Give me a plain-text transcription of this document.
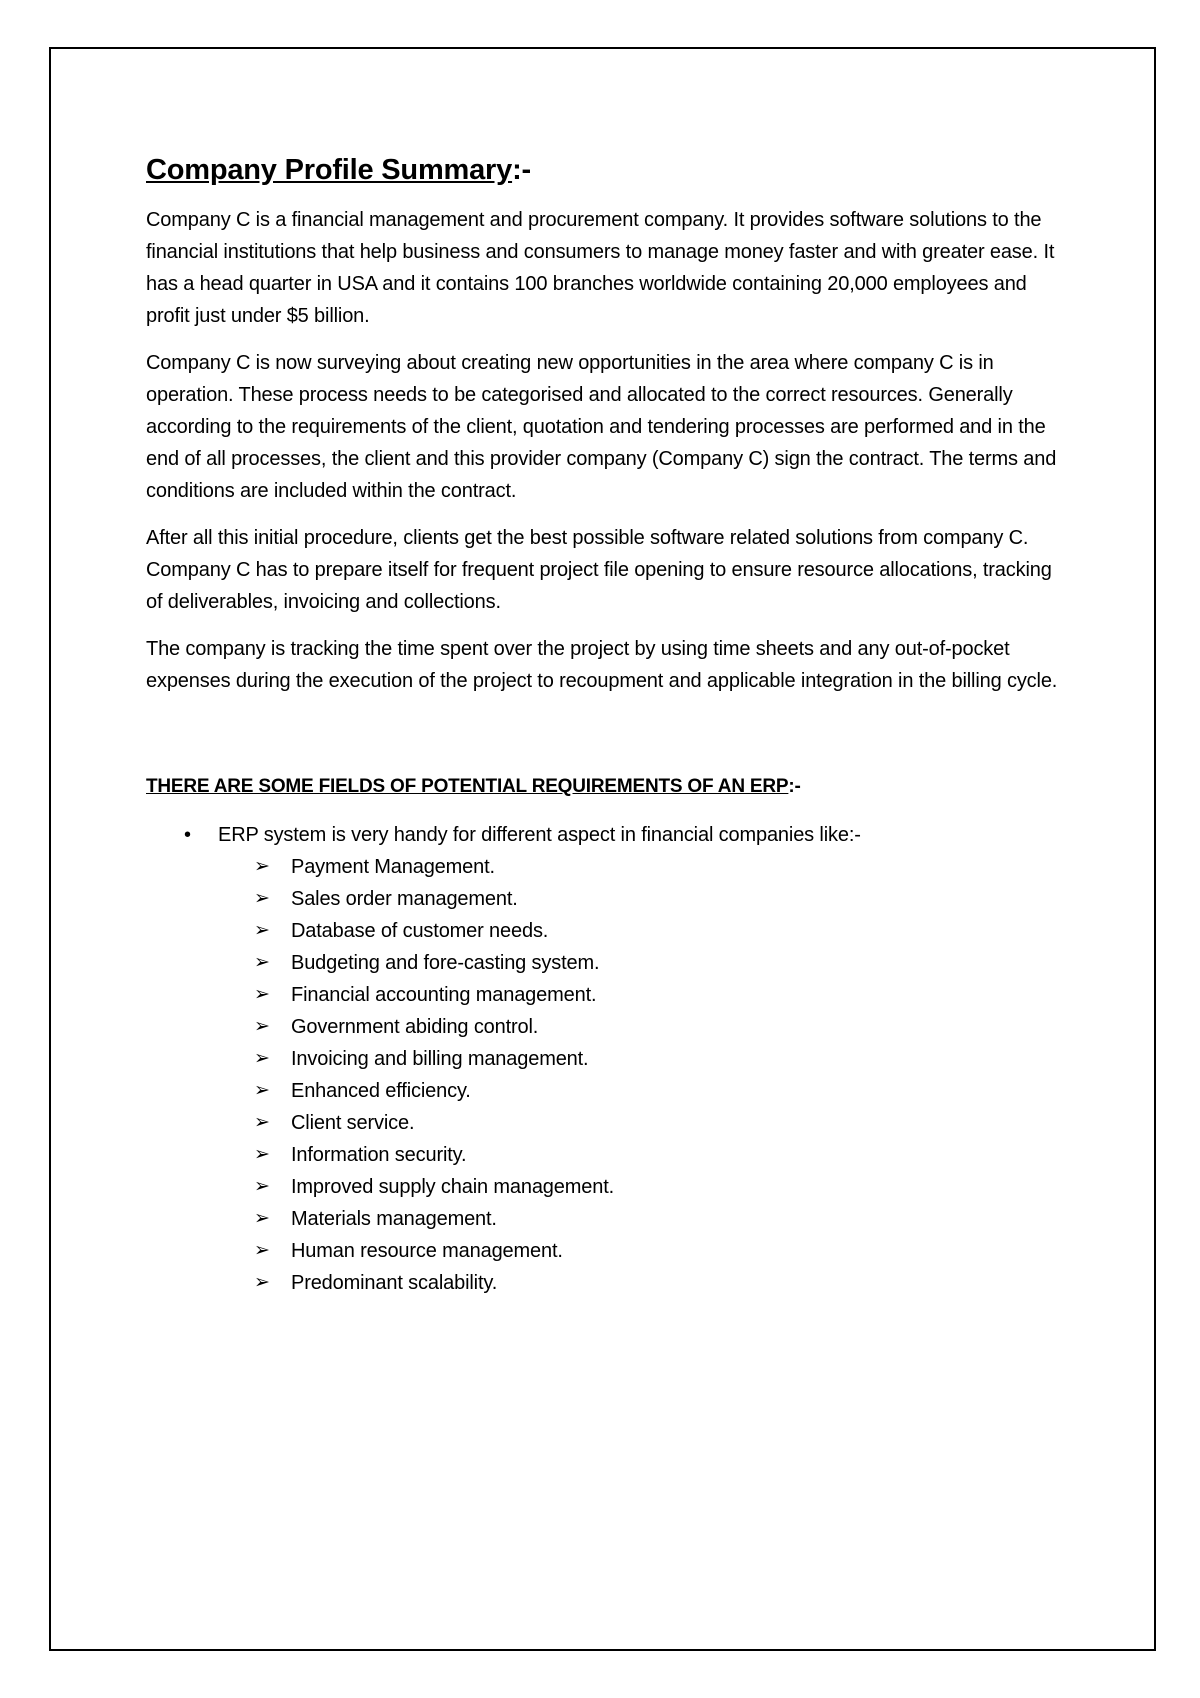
Company Profile Summary:-

Company C is a financial management and procurement company. It provides software solutions to the financial institutions that help business and consumers to manage money faster and with greater ease. It has a head quarter in USA and it contains 100 branches worldwide containing 20,000 employees and profit just under $5 billion.

Company C is now surveying about creating new opportunities in the area where company C is in operation. These process needs to be categorised and allocated to the correct resources. Generally according to the requirements of the client, quotation and tendering processes are performed and in the end of all processes, the client and this provider company (Company C) sign the contract. The terms and conditions are included within the contract.

After all this initial procedure, clients get the best possible software related solutions from company C. Company C has to prepare itself for frequent project file opening to ensure resource allocations, tracking of deliverables, invoicing and collections.

The company is tracking the time spent over the project by using time sheets and any out-of-pocket expenses during the execution of the project to recoupment and applicable integration in the billing cycle.

THERE ARE SOME FIELDS OF POTENTIAL REQUIREMENTS OF AN ERP:-
• ERP system is very handy for different aspect in financial companies like:-
➢ Payment Management.
➢ Sales order management.
➢ Database of customer needs.
➢ Budgeting and fore-casting system.
➢ Financial accounting management.
➢ Government abiding control.
➢ Invoicing and billing management.
➢ Enhanced efficiency.
➢ Client service.
➢ Information security.
➢ Improved supply chain management.
➢ Materials management.
➢ Human resource management.
➢ Predominant scalability.
